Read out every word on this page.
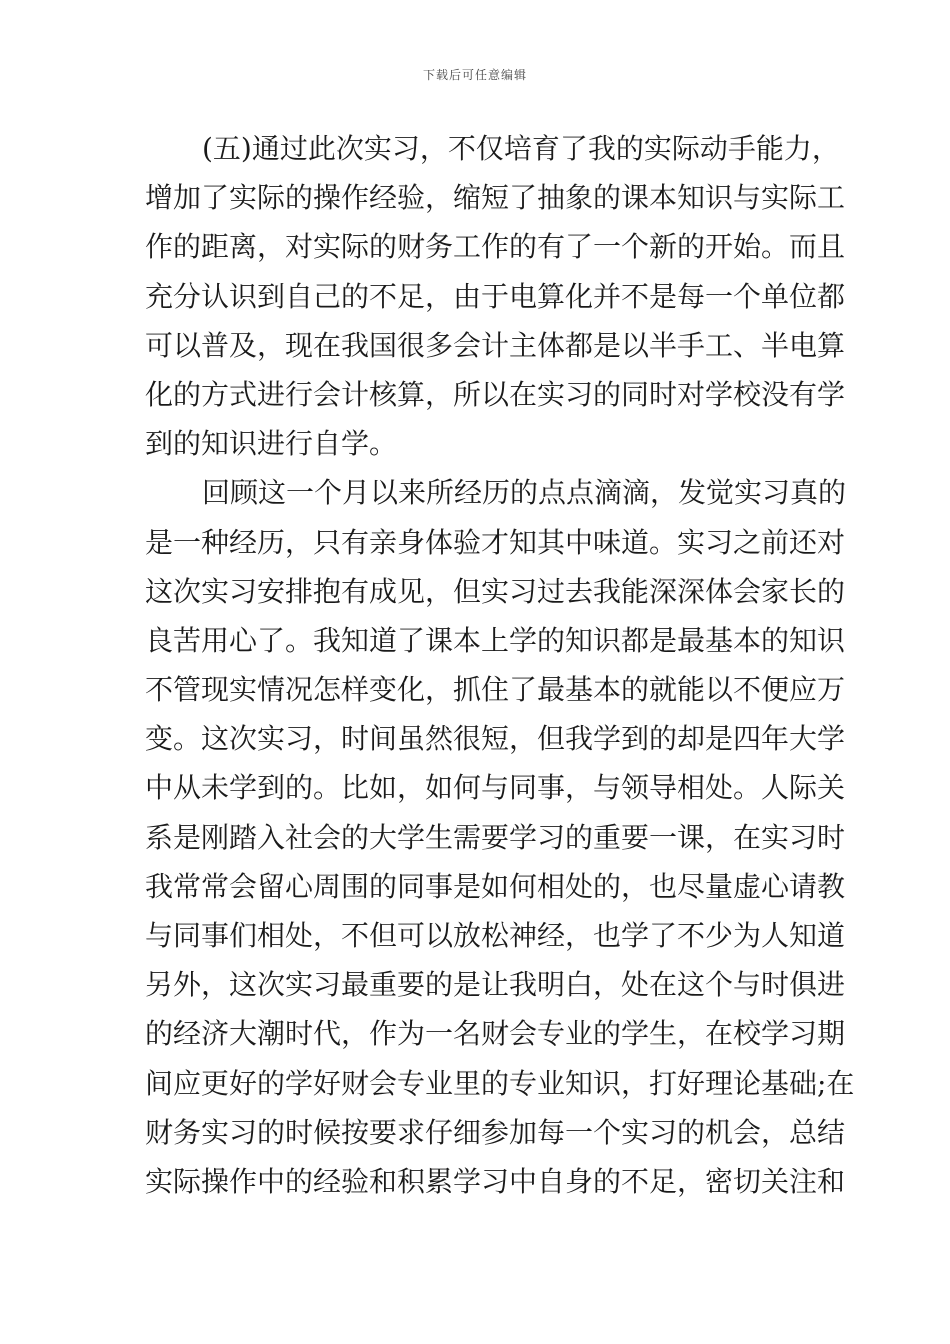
下载后可任意编辑
(五)通过此次实习，不仅培育了我的实际动手能力，
增加了实际的操作经验，缩短了抽象的课本知识与实际工
作的距离，对实际的财务工作的有了一个新的开始。而且
充分认识到自己的不足，由于电算化并不是每一个单位都
可以普及，现在我国很多会计主体都是以半手工、半电算
化的方式进行会计核算，所以在实习的同时对学校没有学
到的知识进行自学。
回顾这一个月以来所经历的点点滴滴，发觉实习真的
是一种经历，只有亲身体验才知其中味道。实习之前还对
这次实习安排抱有成见，但实习过去我能深深体会家长的
良苦用心了。我知道了课本上学的知识都是最基本的知识
不管现实情况怎样变化，抓住了最基本的就能以不便应万
变。这次实习，时间虽然很短，但我学到的却是四年大学
中从未学到的。比如，如何与同事，与领导相处。人际关
系是刚踏入社会的大学生需要学习的重要一课，在实习时
我常常会留心周围的同事是如何相处的，也尽量虚心请教
与同事们相处，不但可以放松神经，也学了不少为人知道
另外，这次实习最重要的是让我明白，处在这个与时俱进
的经济大潮时代，作为一名财会专业的学生，在校学习期
间应更好的学好财会专业里的专业知识，打好理论基础;在
财务实习的时候按要求仔细参加每一个实习的机会，总结
实际操作中的经验和积累学习中自身的不足，密切关注和
